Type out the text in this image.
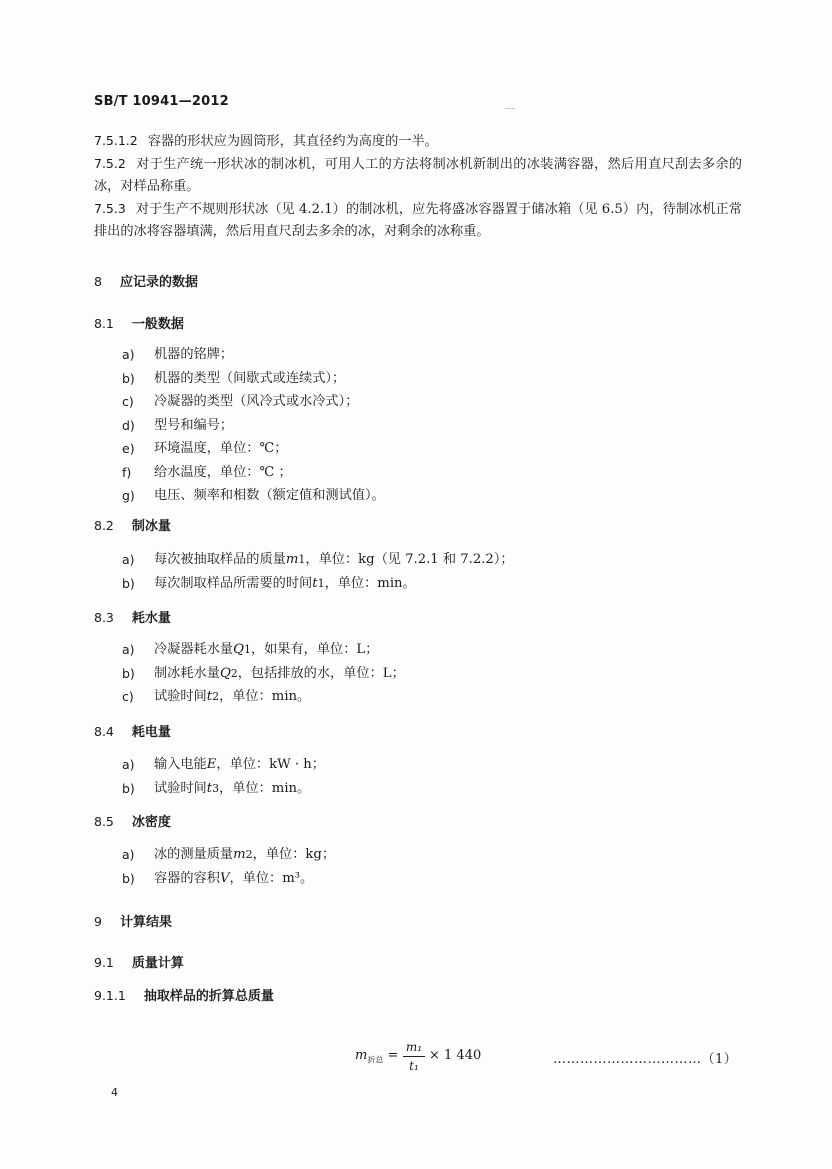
SB/T 10941—2012

7.5.1.2 容器的形状应为圆筒形，其直径约为高度的一半。

7.5.2 对于生产统一形状冰的制冰机，可用人工的方法将制冰机新制出的冰装满容器，然后用直尺刮去多余的冰，对样品称重。

7.5.3 对于生产不规则形状冰（见 4.2.1）的制冰机，应先将盛冰容器置于储冰箱（见 6.5）内，待制冰机正常排出的冰将容器填满，然后用直尺刮去多余的冰，对剩余的冰称重。

8 应记录的数据
8.1 一般数据
a)	机器的铭牌；
b)	机器的类型（间歇式或连续式）；
c)	冷凝器的类型（风冷式或水冷式）；
d)	型号和编号；
e)	环境温度，单位：℃；
f)	给水温度，单位：℃ ；
g)	电压、频率和相数（额定值和测试值）。
8.2 制冰量
a)	每次被抽取样品的质量 m 1 ，单位：kg（见 7.2.1 和 7.2.2）；
b)	每次制取样品所需要的时间 t 1 ，单位：min。
8.3 耗水量
a)	冷凝器耗水量 Q 1 ，如果有，单位：L；
b)	制冰耗水量 Q 2 ，包括排放的水，单位：L；
c)	试验时间 t 2 ，单位：min。
8.4 耗电量
a)	输入电能 E ，单位：kW · h；
b)	试验时间 t 3 ，单位：min。
8.5 冰密度
a)	冰的测量质量 m 2 ，单位：kg；
b)	容器的容积 V ，单位：m³。
9 计算结果
9.1 质量计算
9.1.1 抽取样品的折算总质量
$m_{折总}$ =
m₁
t₁
× 1 440	……………………………（1）
4
